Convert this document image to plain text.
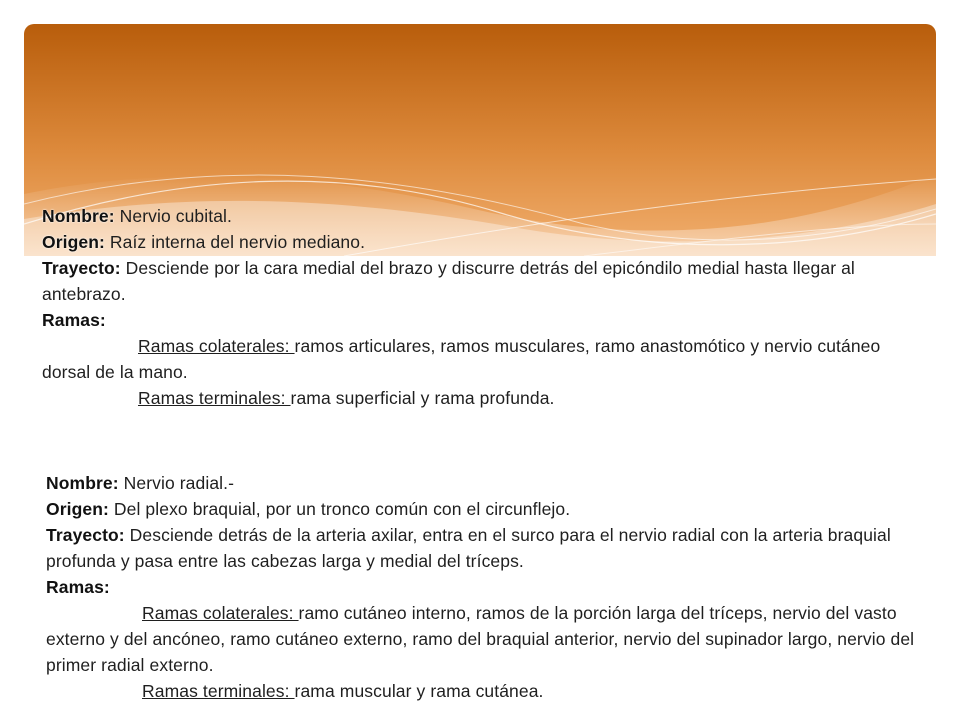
Nombre: Nervio cubital.

Origen: Raíz interna del nervio mediano.

Trayecto: Desciende por la cara medial del brazo y discurre detrás del epicóndilo medial hasta llegar al antebrazo.

Ramas:

Ramas colaterales: ramos articulares, ramos musculares, ramo anastomótico y nervio cutáneo dorsal de la mano.

Ramas terminales: rama superficial y rama profunda.

Nombre: Nervio radial.-

Origen: Del plexo braquial, por un tronco común con el circunflejo.

Trayecto: Desciende detrás de la arteria axilar, entra en el surco para el nervio radial con la arteria braquial profunda y pasa entre las cabezas larga y medial del tríceps.

Ramas:

Ramas colaterales: ramo cutáneo interno, ramos de la porción larga del tríceps, nervio del vasto externo y del ancóneo, ramo cutáneo externo, ramo del braquial anterior, nervio del supinador largo, nervio del primer radial externo.

Ramas terminales: rama muscular y rama cutánea.
